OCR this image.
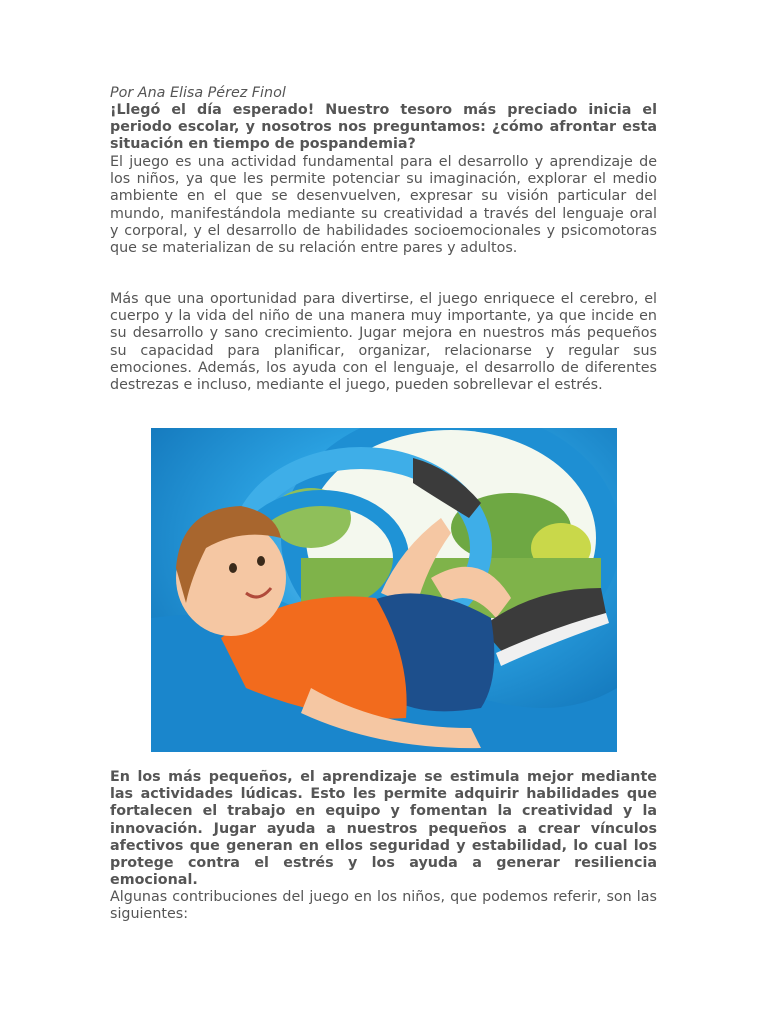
Por Ana Elisa Pérez Finol

¡Llegó el día esperado! Nuestro tesoro más preciado inicia el periodo escolar, y nosotros nos preguntamos: ¿cómo afrontar esta situación en tiempo de pospandemia?

El juego es una actividad fundamental para el desarrollo y aprendizaje de los niños, ya que les permite potenciar su imaginación, explorar el medio ambiente en el que se desenvuelven, expresar su visión particular del mundo, manifestándola mediante su creatividad a través del lenguaje oral y corporal, y el desarrollo de habilidades socioemocionales y psicomotoras que se materializan de su relación entre pares y adultos.

Más que una oportunidad para divertirse, el juego enriquece el cerebro, el cuerpo y la vida del niño de una manera muy importante, ya que incide en su desarrollo y sano crecimiento. Jugar mejora en nuestros más pequeños su capacidad para planificar, organizar, relacionarse y regular sus emociones. Además, los ayuda con el lenguaje, el desarrollo de diferentes destrezas e incluso, mediante el juego, pueden sobrellevar el estrés.

En los más pequeños, el aprendizaje se estimula mejor mediante las actividades lúdicas. Esto les permite adquirir habilidades que fortalecen el trabajo en equipo y fomentan la creatividad y la innovación. Jugar ayuda a nuestros pequeños a crear vínculos afectivos que generan en ellos seguridad y estabilidad, lo cual los protege contra el estrés y los ayuda a generar resiliencia emocional.

Algunas contribuciones del juego en los niños, que podemos referir, son las siguientes:
